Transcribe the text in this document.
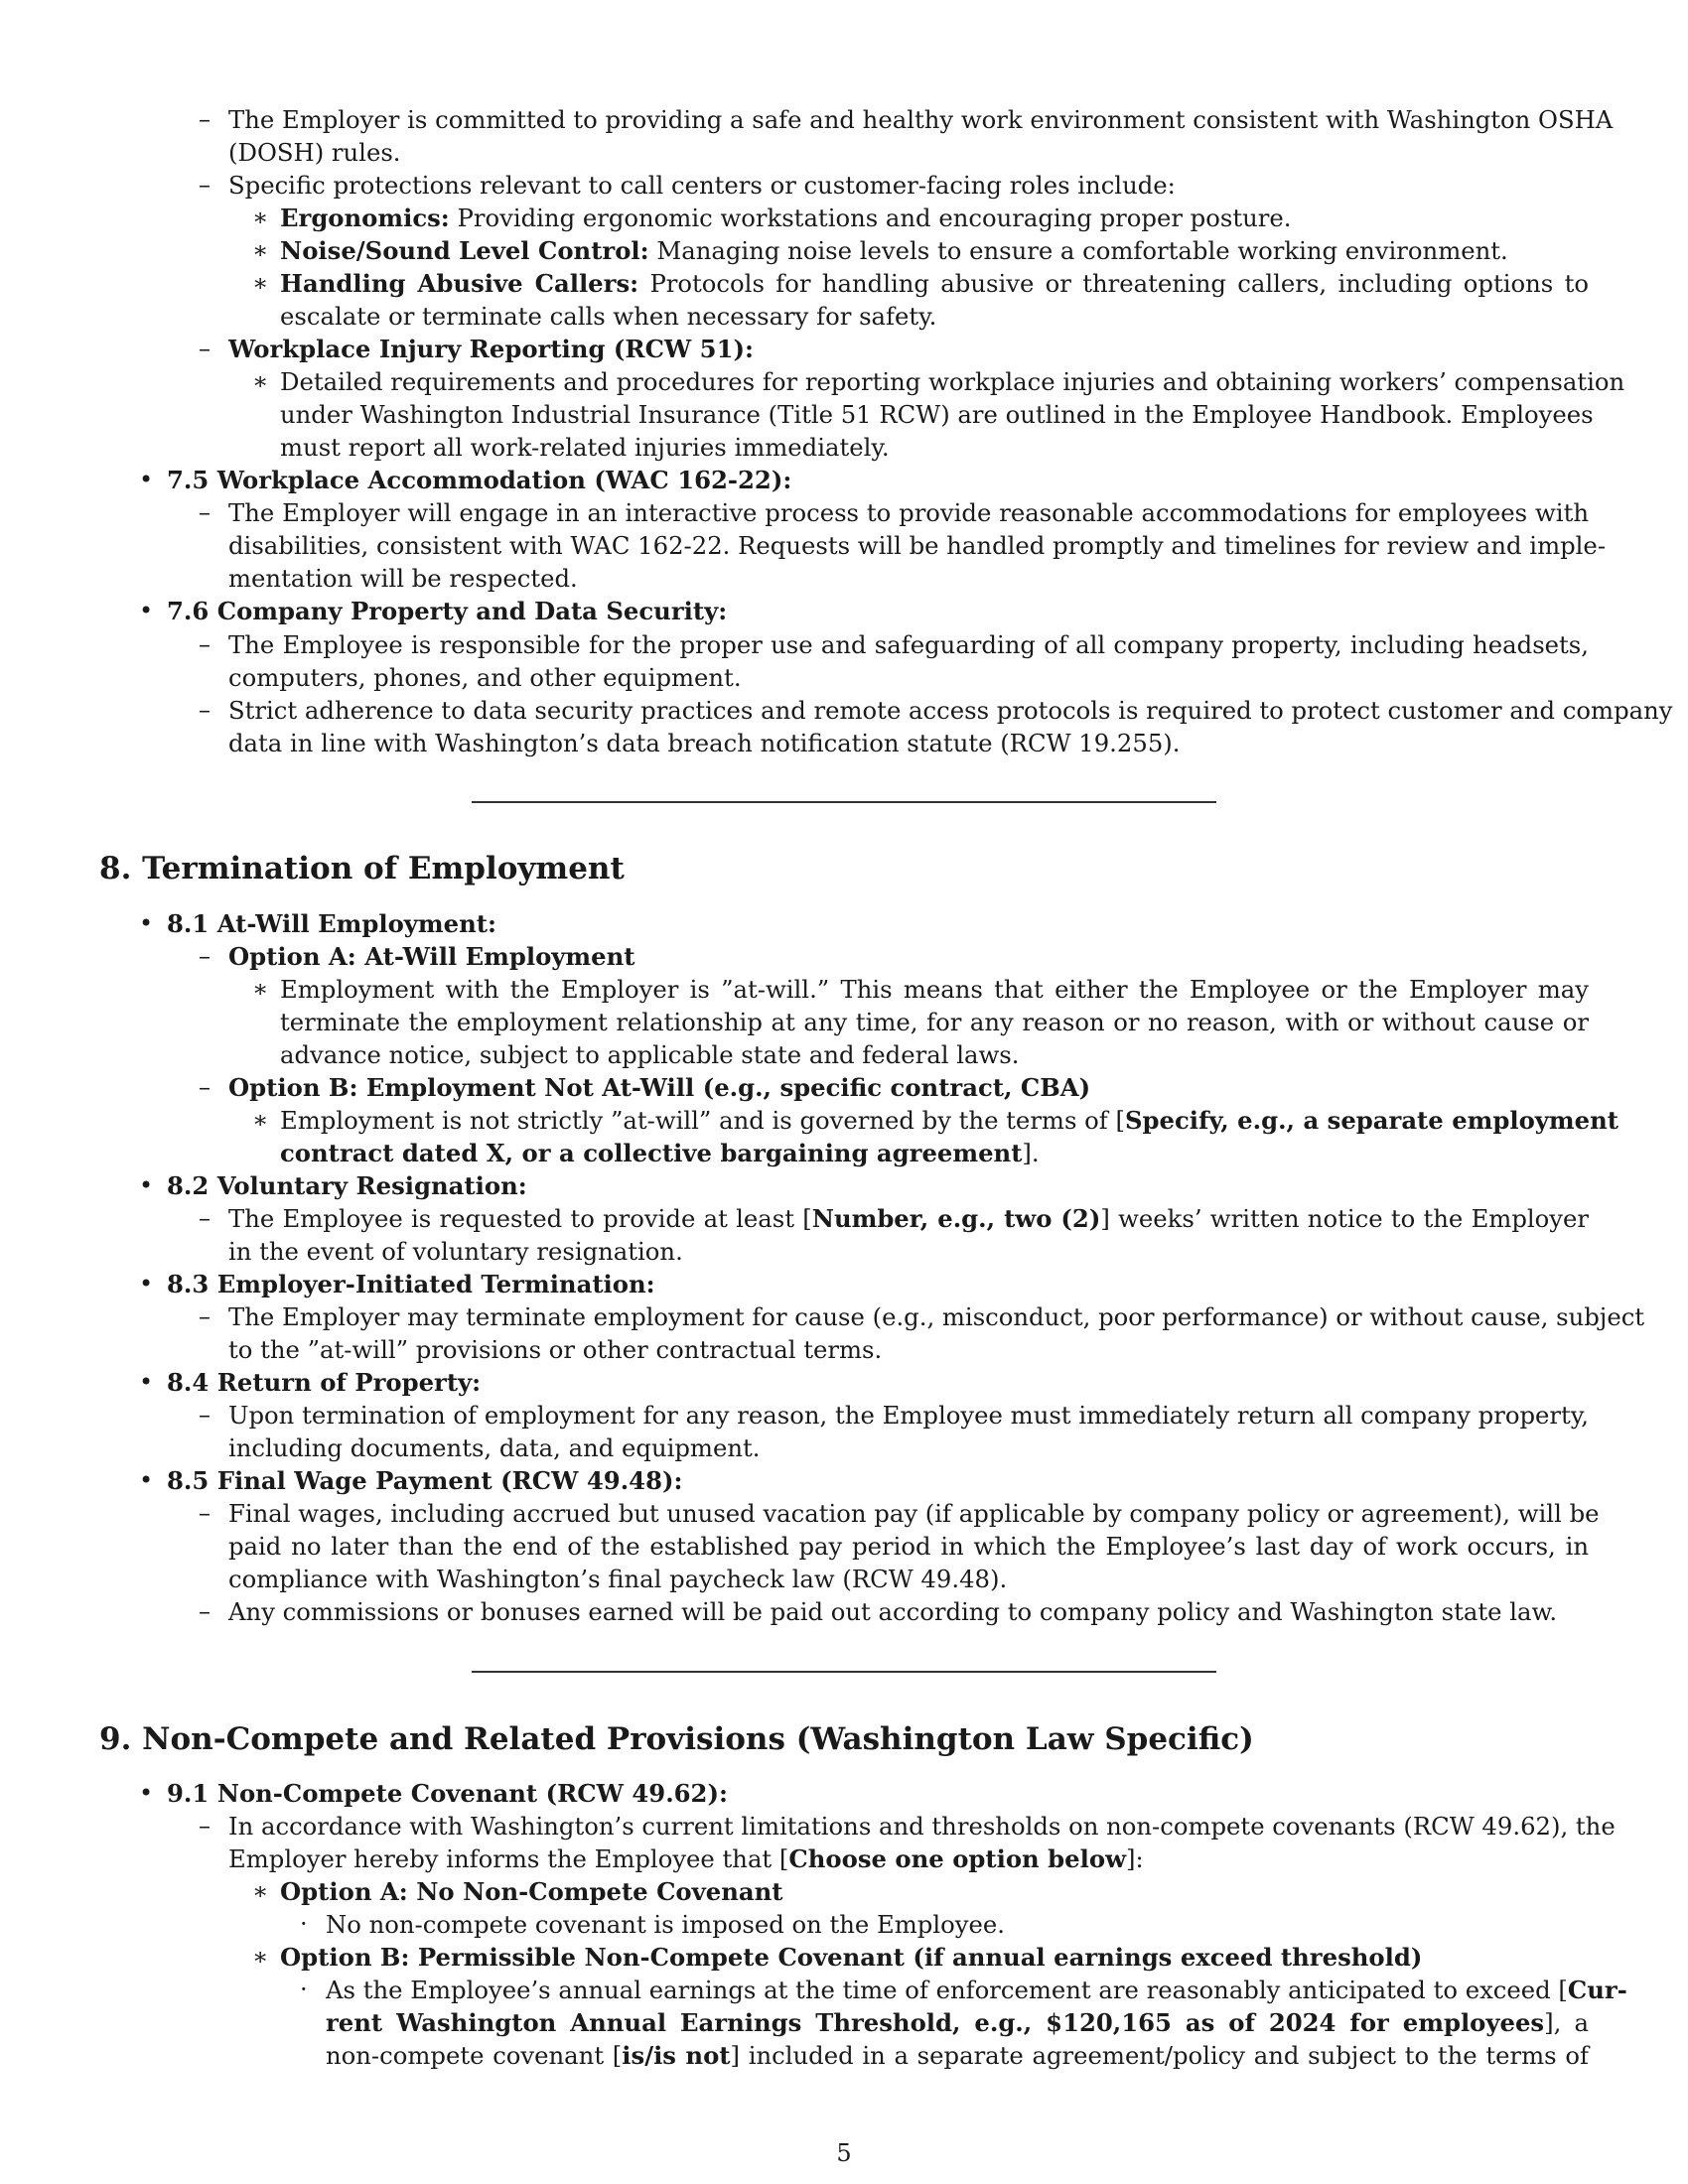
– The Employer is committed to providing a safe and healthy work environment consistent with Washington OSHA
(DOSH) rules.
– Specific protections relevant to call centers or customer-facing roles include:
∗ Ergonomics: Providing ergonomic workstations and encouraging proper posture.
∗ Noise/Sound Level Control: Managing noise levels to ensure a comfortable working environment.
∗ Handling Abusive Callers: Protocols for handling abusive or threatening callers, including options to
escalate or terminate calls when necessary for safety.
– Workplace Injury Reporting (RCW 51):
∗ Detailed requirements and procedures for reporting workplace injuries and obtaining workers’ compensation
under Washington Industrial Insurance (Title 51 RCW) are outlined in the Employee Handbook. Employees
must report all work-related injuries immediately.
• 7.5 Workplace Accommodation (WAC 162-22):
– The Employer will engage in an interactive process to provide reasonable accommodations for employees with
disabilities, consistent with WAC 162-22. Requests will be handled promptly and timelines for review and imple-
mentation will be respected.
• 7.6 Company Property and Data Security:
– The Employee is responsible for the proper use and safeguarding of all company property, including headsets,
computers, phones, and other equipment.
– Strict adherence to data security practices and remote access protocols is required to protect customer and company
data in line with Washington’s data breach notification statute (RCW 19.255).
8. Termination of Employment
• 8.1 At-Will Employment:
– Option A: At-Will Employment
∗ Employment with the Employer is ”at-will.” This means that either the Employee or the Employer may
terminate the employment relationship at any time, for any reason or no reason, with or without cause or
advance notice, subject to applicable state and federal laws.
– Option B: Employment Not At-Will (e.g., specific contract, CBA)
∗ Employment is not strictly ”at-will” and is governed by the terms of [Specify, e.g., a separate employment
contract dated X, or a collective bargaining agreement].
• 8.2 Voluntary Resignation:
– The Employee is requested to provide at least [Number, e.g., two (2)] weeks’ written notice to the Employer
in the event of voluntary resignation.
• 8.3 Employer-Initiated Termination:
– The Employer may terminate employment for cause (e.g., misconduct, poor performance) or without cause, subject
to the ”at-will” provisions or other contractual terms.
• 8.4 Return of Property:
– Upon termination of employment for any reason, the Employee must immediately return all company property,
including documents, data, and equipment.
• 8.5 Final Wage Payment (RCW 49.48):
– Final wages, including accrued but unused vacation pay (if applicable by company policy or agreement), will be
paid no later than the end of the established pay period in which the Employee’s last day of work occurs, in
compliance with Washington’s final paycheck law (RCW 49.48).
– Any commissions or bonuses earned will be paid out according to company policy and Washington state law.
9. Non-Compete and Related Provisions (Washington Law Specific)
• 9.1 Non-Compete Covenant (RCW 49.62):
– In accordance with Washington’s current limitations and thresholds on non-compete covenants (RCW 49.62), the
Employer hereby informs the Employee that [Choose one option below]:
∗ Option A: No Non-Compete Covenant
· No non-compete covenant is imposed on the Employee.
∗ Option B: Permissible Non-Compete Covenant (if annual earnings exceed threshold)
· As the Employee’s annual earnings at the time of enforcement are reasonably anticipated to exceed [Cur-
rent Washington Annual Earnings Threshold, e.g., $120,165 as of 2024 for employees], a
non-compete covenant [is/is not] included in a separate agreement/policy and subject to the terms of
5
